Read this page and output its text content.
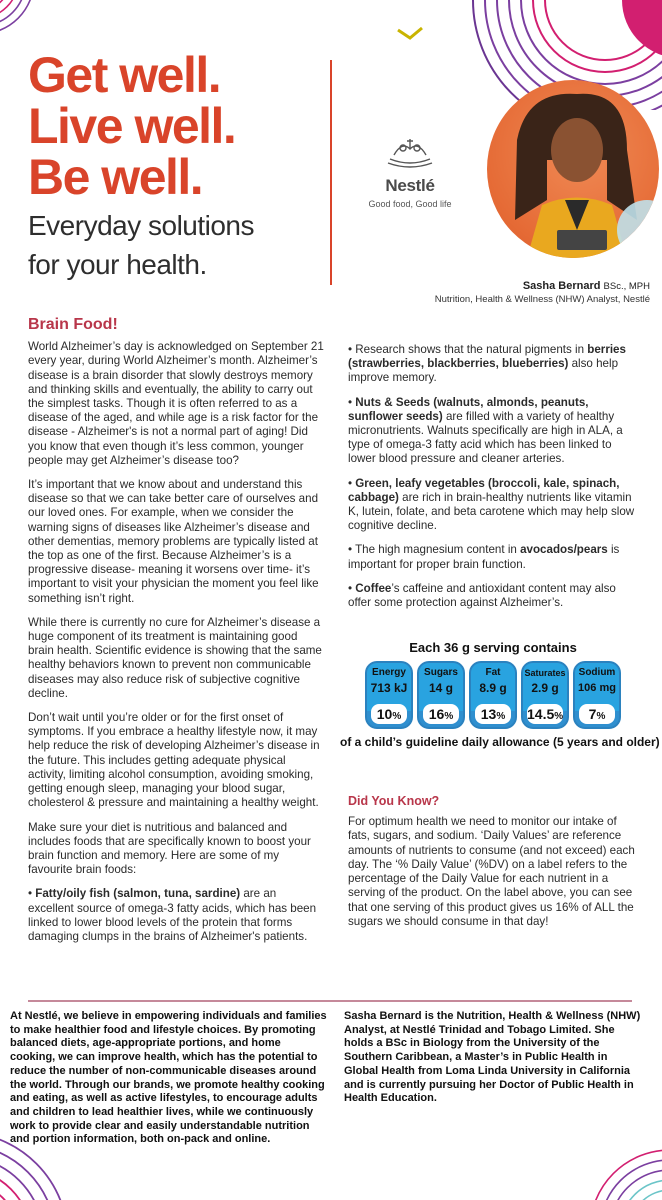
Get well.
Live well.
Be well.
Everyday solutions
for your health.
Nestlé
Good food, Good life
Sasha Bernard BSc., MPH
Nutrition, Health & Wellness (NHW) Analyst, Nestlé
Brain Food!

World Alzheimer’s day is acknowledged on September 21 every year, during World Alzheimer’s month. Alzheimer’s disease is a brain disorder that slowly destroys memory and thinking skills and eventually, the ability to carry out the simplest tasks. Though it is often referred to as a disease of the aged, and while age is a risk factor for the disease - Alzheimer's is not a normal part of aging! Did you know that even though it’s less common, younger people may get Alzheimer’s disease too?

It’s important that we know about and understand this disease so that we can take better care of ourselves and our loved ones. For example, when we consider the warning signs of diseases like Alzheimer’s disease and other dementias, memory problems are typically listed at the top as one of the first. Because Alzheimer’s is a progressive disease- meaning it worsens over time- it’s important to visit your physician the moment you feel like something isn’t right.

While there is currently no cure for Alzheimer’s disease a huge component of its treatment is maintaining good brain health. Scientific evidence is showing that the same healthy behaviors known to prevent non communicable diseases may also reduce risk of subjective cognitive decline.

Don’t wait until you’re older or for the first onset of symptoms. If you embrace a healthy lifestyle now, it may help reduce the risk of developing Alzheimer’s disease in the future. This includes getting adequate physical activity, limiting alcohol consumption, avoiding smoking, getting enough sleep, managing your blood sugar, cholesterol & pressure and maintaining a healthy weight.

Make sure your diet is nutritious and balanced and includes foods that are specifically known to boost your brain function and memory. Here are some of my favourite brain foods:

• Fatty/oily fish (salmon, tuna, sardine) are an excellent source of omega-3 fatty acids, which has been linked to lower blood levels of the protein that forms damaging clumps in the brains of Alzheimer's patients.

• Research shows that the natural pigments in berries (strawberries, blackberries, blueberries) also help improve memory.

• Nuts & Seeds (walnuts, almonds, peanuts, sunflower seeds) are filled with a variety of healthy micronutrients. Walnuts specifically are high in ALA, a type of omega-3 fatty acid which has been linked to lower blood pressure and cleaner arteries.

• Green, leafy vegetables (broccoli, kale, spinach, cabbage) are rich in brain-healthy nutrients like vitamin K, lutein, folate, and beta carotene which may help slow cognitive decline.

• The high magnesium content in avocados/pears is important for proper brain function.

• Coffee’s caffeine and antioxidant content may also offer some protection against Alzheimer’s.

Each 36 g serving contains
Energy
713 kJ
10%
Sugars
14 g
16%
Fat
8.9 g
13%
Saturates
2.9 g
14.5%
Sodium
106 mg
7%
of a child’s guideline daily allowance (5 years and older)
Did You Know?
For optimum health we need to monitor our intake of fats, sugars, and sodium. ‘Daily Values’ are reference amounts of nutrients to consume (and not exceed) each day. The ‘% Daily Value’ (%DV) on a label refers to the percentage of the Daily Value for each nutrient in a serving of the product. On the label above, you can see that one serving of this product gives us 16% of ALL the sugars we should consume in that day!
At Nestlé, we believe in empowering individuals and families to make healthier food and lifestyle choices. By promoting balanced diets, age-appropriate portions, and home cooking, we can improve health, which has the potential to reduce the number of non-communicable diseases around the world. Through our brands, we promote healthy cooking and eating, as well as active lifestyles, to encourage adults and children to lead healthier lives, while we continuously work to provide clear and easily understandable nutrition and portion information, both on-pack and online.
Sasha Bernard is the Nutrition, Health & Wellness (NHW) Analyst, at Nestlé Trinidad and Tobago Limited. She holds a BSc in Biology from the University of the Southern Caribbean, a Master’s in Public Health in Global Health from Loma Linda University in California and is currently pursuing her Doctor of Public Health in Health Education.
